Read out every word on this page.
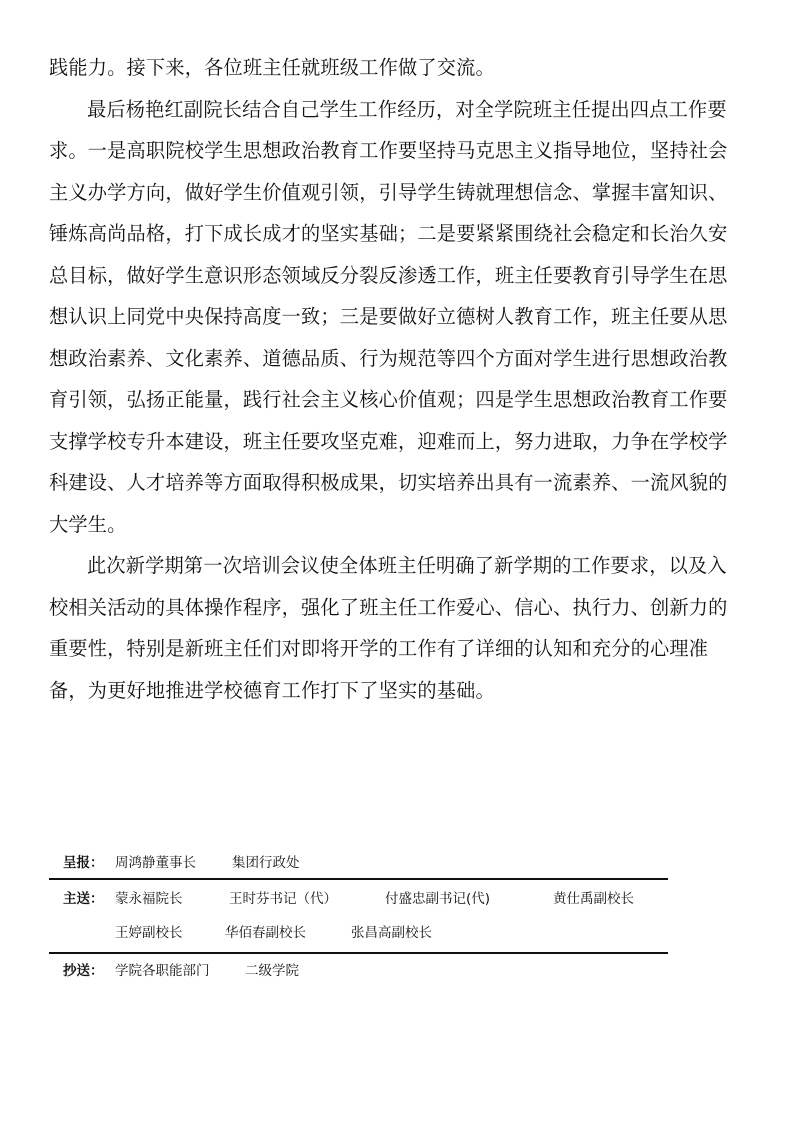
践能力。接下来，各位班主任就班级工作做了交流。
最后杨艳红副院长结合自己学生工作经历，对全学院班主任提出四点工作要
求。一是高职院校学生思想政治教育工作要坚持马克思主义指导地位，坚持社会
主义办学方向，做好学生价值观引领，引导学生铸就理想信念、掌握丰富知识、
锤炼高尚品格，打下成长成才的坚实基础；二是要紧紧围绕社会稳定和长治久安
总目标，做好学生意识形态领域反分裂反渗透工作，班主任要教育引导学生在思
想认识上同党中央保持高度一致；三是要做好立德树人教育工作，班主任要从思
想政治素养、文化素养、道德品质、行为规范等四个方面对学生进行思想政治教
育引领，弘扬正能量，践行社会主义核心价值观；四是学生思想政治教育工作要
支撑学校专升本建设，班主任要攻坚克难，迎难而上，努力进取，力争在学校学
科建设、人才培养等方面取得积极成果，切实培养出具有一流素养、一流风貌的
大学生。
此次新学期第一次培训会议使全体班主任明确了新学期的工作要求，以及入
校相关活动的具体操作程序，强化了班主任工作爱心、信心、执行力、创新力的
重要性，特别是新班主任们对即将开学的工作有了详细的认知和充分的心理准
备，为更好地推进学校德育工作打下了坚实的基础。
呈报： 周鸿静董事长	集团行政处
主送： 蒙永福院长	王时芬书记（代）	付盛忠副书记(代)	黄仕禹副校长
王婷副校长	华佰春副校长	张昌高副校长
抄送： 学院各职能部门	二级学院
